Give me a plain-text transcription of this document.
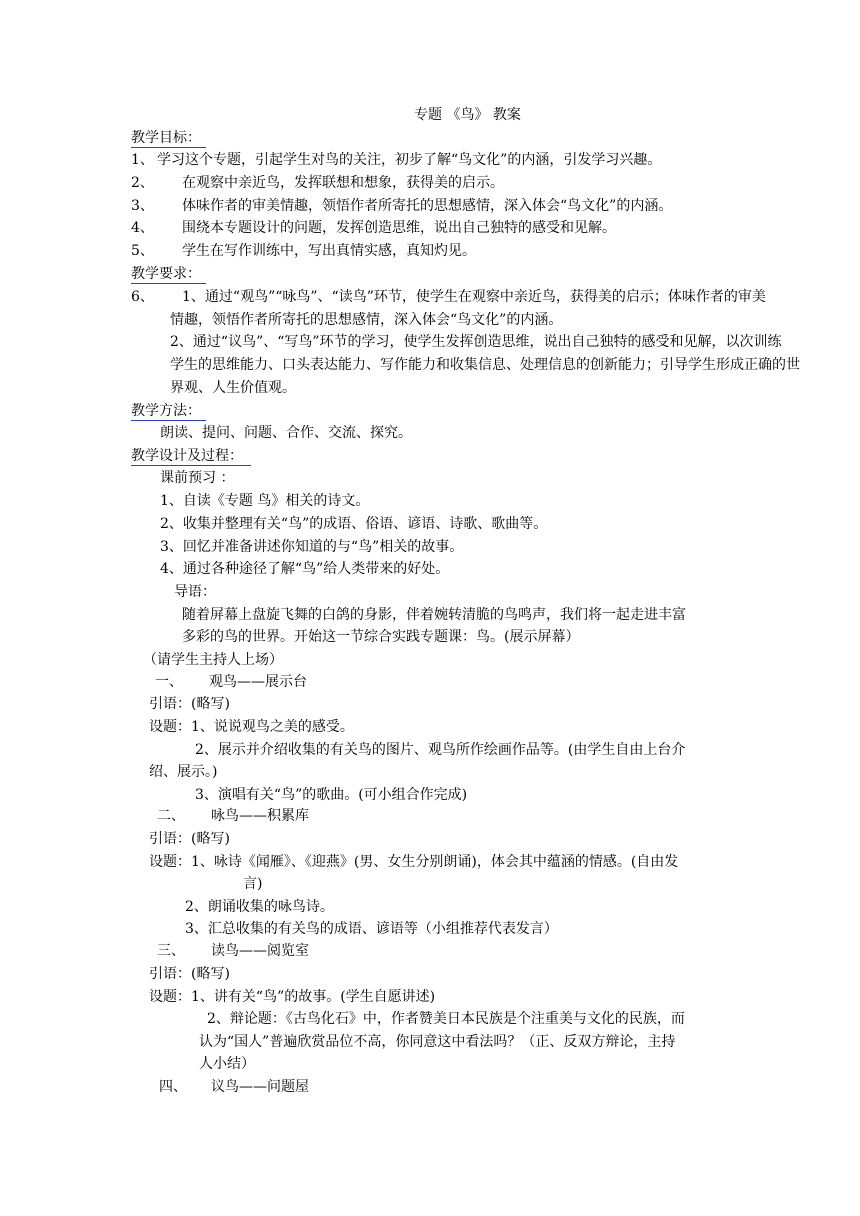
专题 《鸟》 教案
教学目标：
1、 学习这个专题，引起学生对鸟的关注，初步了解“鸟文化”的内涵，引发学习兴趣。
2、 在观察中亲近鸟，发挥联想和想象，获得美的启示。
3、 体味作者的审美情趣，领悟作者所寄托的思想感情，深入体会“鸟文化”的内涵。
4、 围绕本专题设计的问题，发挥创造思维，说出自己独特的感受和见解。
5、 学生在写作训练中，写出真情实感，真知灼见。
教学要求：
6、 1、通过“观鸟”“咏鸟”、“读鸟”环节，使学生在观察中亲近鸟，获得美的启示；体味作者的审美
情趣，领悟作者所寄托的思想感情，深入体会“鸟文化”的内涵。
2、通过“议鸟”、“写鸟”环节的学习，使学生发挥创造思维，说出自己独特的感受和见解，以次训练
学生的思维能力、口头表达能力、写作能力和收集信息、处理信息的创新能力；引导学生形成正确的世
界观、人生价值观。
教学方法：
朗读、提问、问题、合作、交流、探究。
教学设计及过程：
课前预习 ：
1、自读《专题 鸟》相关的诗文。
2、收集并整理有关“鸟”的成语、俗语、谚语、诗歌、歌曲等。
3、回忆并准备讲述你知道的与“鸟”相关的故事。
4、通过各种途径了解“鸟”给人类带来的好处。
导语：
随着屏幕上盘旋飞舞的白鸽的身影，伴着婉转清脆的鸟鸣声，我们将一起走进丰富
多彩的鸟的世界。开始这一节综合实践专题课：鸟。(展示屏幕）
（请学生主持人上场）
一、 观鸟——展示台
引语：(略写)
设题：1、说说观鸟之美的感受。
2、展示并介绍收集的有关鸟的图片、观鸟所作绘画作品等。(由学生自由上台介
绍、展示。)
3、演唱有关“鸟”的歌曲。(可小组合作完成)
二、 咏鸟——积累库
引语：(略写)
设题：1、咏诗《闻雁》、《迎燕》(男、女生分别朗诵)，体会其中蕴涵的情感。(自由发
言)
2、朗诵收集的咏鸟诗。
3、汇总收集的有关鸟的成语、谚语等（小组推荐代表发言）
三、 读鸟——阅览室
引语：(略写)
设题：1、讲有关“鸟”的故事。(学生自愿讲述)
2、辩论题：《古鸟化石》中，作者赞美日本民族是个注重美与文化的民族，而
认为“国人”普遍欣赏品位不高，你同意这中看法吗？（正、反双方辩论，主持
人小结）
四、 议鸟——问题屋
